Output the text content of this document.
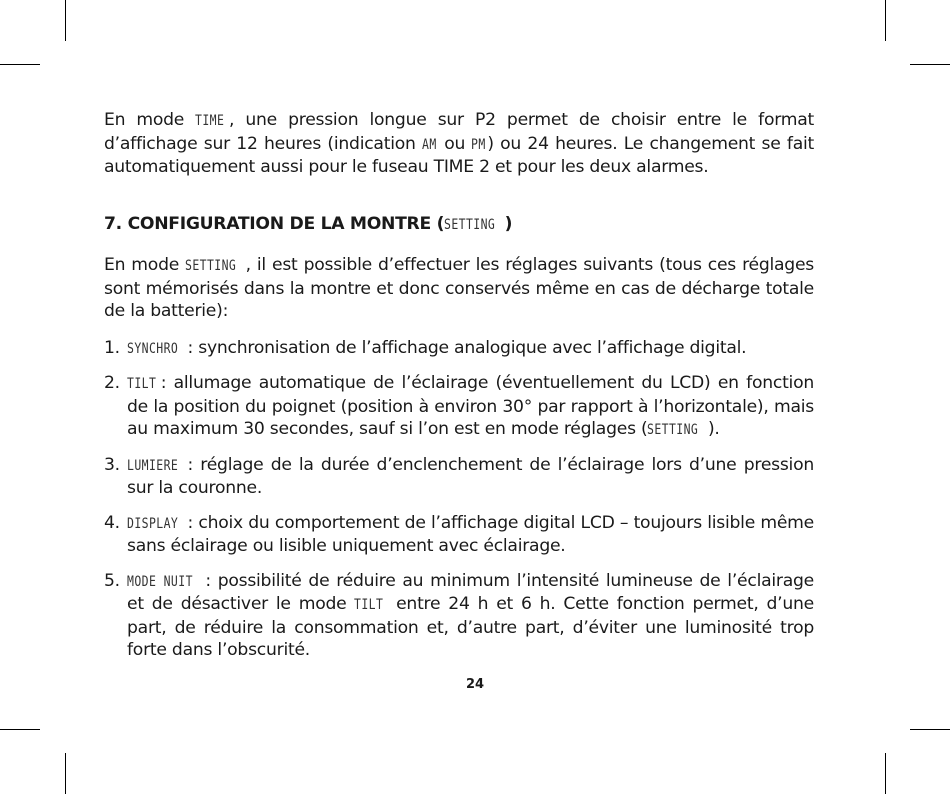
En mode TIME , une pression longue sur P2 permet de choisir entre le format d’affichage sur 12 heures (indication AM ou PM) ou 24 heures. Le changement se fait automatiquement aussi pour le fuseau TIME 2 et pour les deux alarmes.

7. CONFIGURATION DE LA MONTRE (SETTING )

En mode SETTING , il est possible d’effectuer les réglages suivants (tous ces réglages sont mémorisés dans la montre et donc conservés même en cas de décharge totale de la batterie):

1. SYNCHRO : synchronisation de l’affichage analogique avec l’affichage digital.
2. TILT : allumage automatique de l’éclairage (éventuellement du LCD) en fonction de la position du poignet (position à environ 30° par rapport à l’horizontale), mais au maximum 30 secondes, sauf si l’on est en mode réglages (SETTING ).
3. LUMIERE : réglage de la durée d’enclenchement de l’éclairage lors d’une pression sur la couronne.
4. DISPLAY : choix du comportement de l’affichage digital LCD – toujours lisible même sans éclairage ou lisible uniquement avec éclairage.
5. MODE NUIT : possibilité de réduire au minimum l’intensité lumineuse de l’éclairage et de désactiver le mode TILT entre 24 h et 6 h. Cette fonction permet, d’une part, de réduire la consommation et, d’autre part, d’éviter une luminosité trop forte dans l’obscurité.
24
